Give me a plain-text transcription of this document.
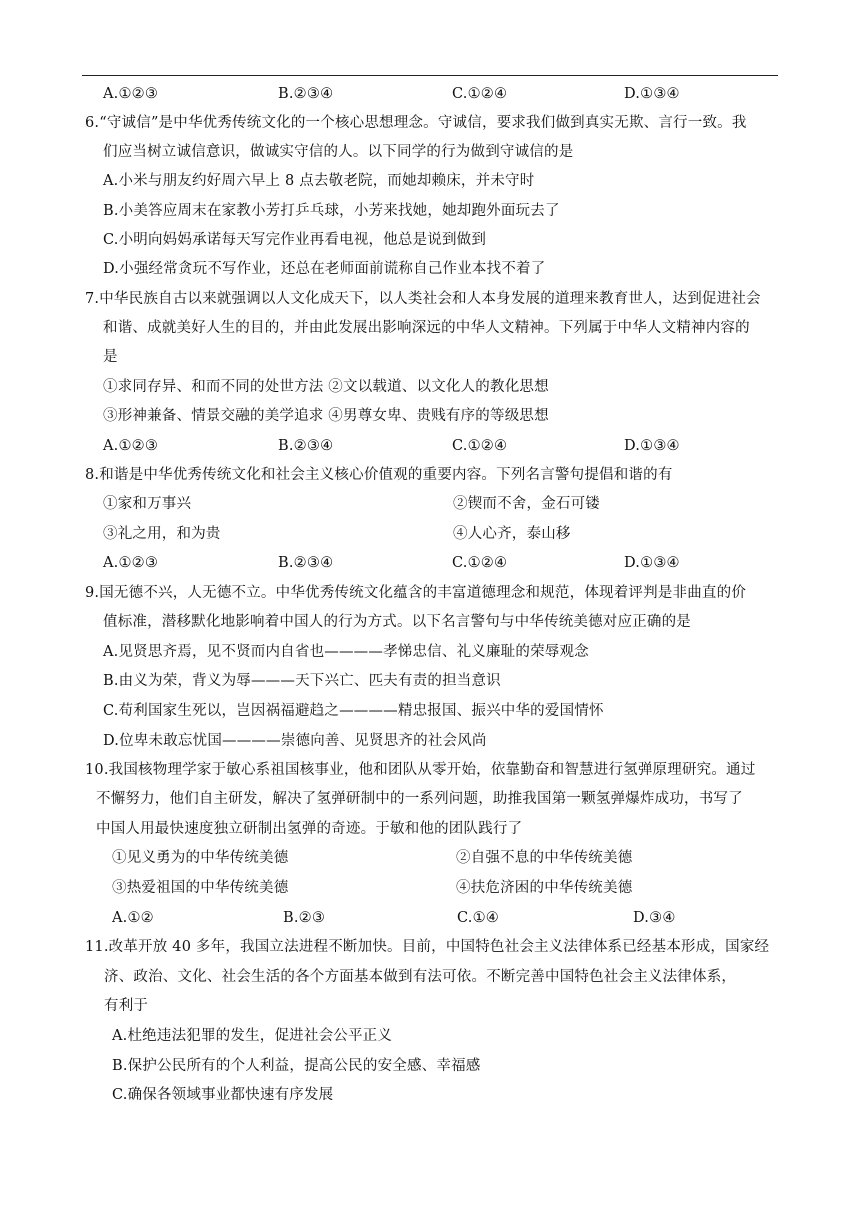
A.①②③	B.②③④	C.①②④	D.①③④
6.“守诚信”是中华优秀传统文化的一个核心思想理念。守诚信，要求我们做到真实无欺、言行一致。我
们应当树立诚信意识，做诚实守信的人。以下同学的行为做到守诚信的是
A.小米与朋友约好周六早上 8 点去敬老院，而她却赖床，并未守时
B.小美答应周末在家教小芳打乒乓球，小芳来找她，她却跑外面玩去了
C.小明向妈妈承诺每天写完作业再看电视，他总是说到做到
D.小强经常贪玩不写作业，还总在老师面前谎称自己作业本找不着了
7.中华民族自古以来就强调以人文化成天下，以人类社会和人本身发展的道理来教育世人，达到促进社会
和谐、成就美好人生的目的，并由此发展出影响深远的中华人文精神。下列属于中华人文精神内容的
是
①求同存异、和而不同的处世方法 ②文以载道、以文化人的教化思想
③形神兼备、情景交融的美学追求 ④男尊女卑、贵贱有序的等级思想
A.①②③	B.②③④	C.①②④	D.①③④
8.和谐是中华优秀传统文化和社会主义核心价值观的重要内容。下列名言警句提倡和谐的有
①家和万事兴	②锲而不舍，金石可镂
③礼之用，和为贵	④人心齐，泰山移
A.①②③	B.②③④	C.①②④	D.①③④
9.国无德不兴，人无德不立。中华优秀传统文化蕴含的丰富道德理念和规范，体现着评判是非曲直的价
值标准，潜移默化地影响着中国人的行为方式。以下名言警句与中华传统美德对应正确的是
A.见贤思齐焉，见不贤而内自省也————孝悌忠信、礼义廉耻的荣辱观念
B.由义为荣，背义为辱———天下兴亡、匹夫有责的担当意识
C.苟利国家生死以，岂因祸福避趋之————精忠报国、振兴中华的爱国情怀
D.位卑未敢忘忧国————崇德向善、见贤思齐的社会风尚
10.我国核物理学家于敏心系祖国核事业，他和团队从零开始，依靠勤奋和智慧进行氢弹原理研究。通过
不懈努力，他们自主研发，解决了氢弹研制中的一系列问题，助推我国第一颗氢弹爆炸成功，书写了
中国人用最快速度独立研制出氢弹的奇迹。于敏和他的团队践行了
①见义勇为的中华传统美德	②自强不息的中华传统美德
③热爱祖国的中华传统美德	④扶危济困的中华传统美德
A.①②	B.②③	C.①④	D.③④
11.改革开放 40 多年，我国立法进程不断加快。目前，中国特色社会主义法律体系已经基本形成，国家经
济、政治、文化、社会生活的各个方面基本做到有法可依。不断完善中国特色社会主义法律体系，
有利于
A.杜绝违法犯罪的发生，促进社会公平正义
B.保护公民所有的个人利益，提高公民的安全感、幸福感
C.确保各领域事业都快速有序发展
